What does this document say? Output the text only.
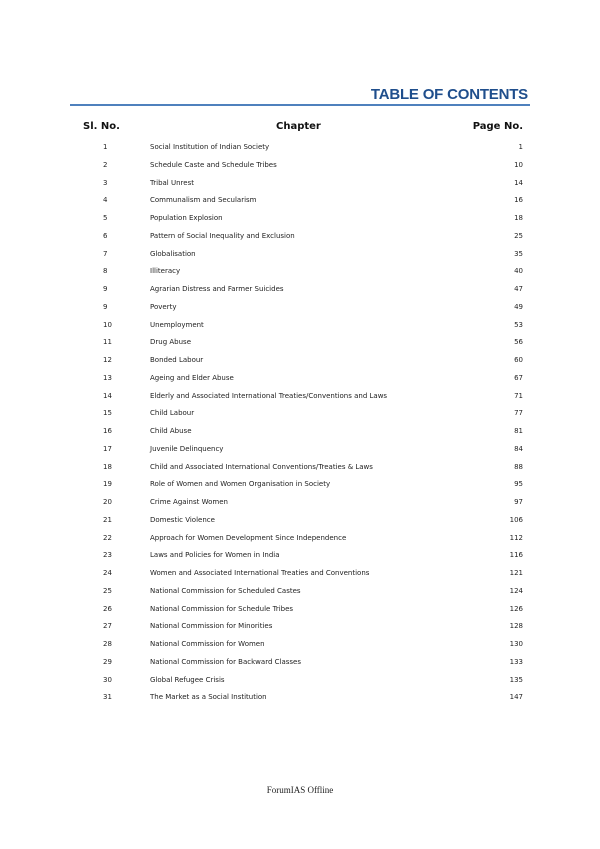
TABLE OF CONTENTS
Sl. No.	Chapter	Page No.
1	Social Institution of Indian Society	1
2	Schedule Caste and Schedule Tribes	10
3	Tribal Unrest	14
4	Communalism and Secularism	16
5	Population Explosion	18
6	Pattern of Social Inequality and Exclusion	25
7	Globalisation	35
8	Illiteracy	40
9	Agrarian Distress and Farmer Suicides	47
9	Poverty	49
10	Unemployment	53
11	Drug Abuse	56
12	Bonded Labour	60
13	Ageing and Elder Abuse	67
14	Elderly and Associated International Treaties/Conventions and Laws	71
15	Child Labour	77
16	Child Abuse	81
17	Juvenile Delinquency	84
18	Child and Associated International Conventions/Treaties & Laws	88
19	Role of Women and Women Organisation in Society	95
20	Crime Against Women	97
21	Domestic Violence	106
22	Approach for Women Development Since Independence	112
23	Laws and Policies for Women in India	116
24	Women and Associated International Treaties and Conventions	121
25	National Commission for Scheduled Castes	124
26	National Commission for Schedule Tribes	126
27	National Commission for Minorities	128
28	National Commission for Women	130
29	National Commission for Backward Classes	133
30	Global Refugee Crisis	135
31	The Market as a Social Institution	147
ForumIAS Offline
